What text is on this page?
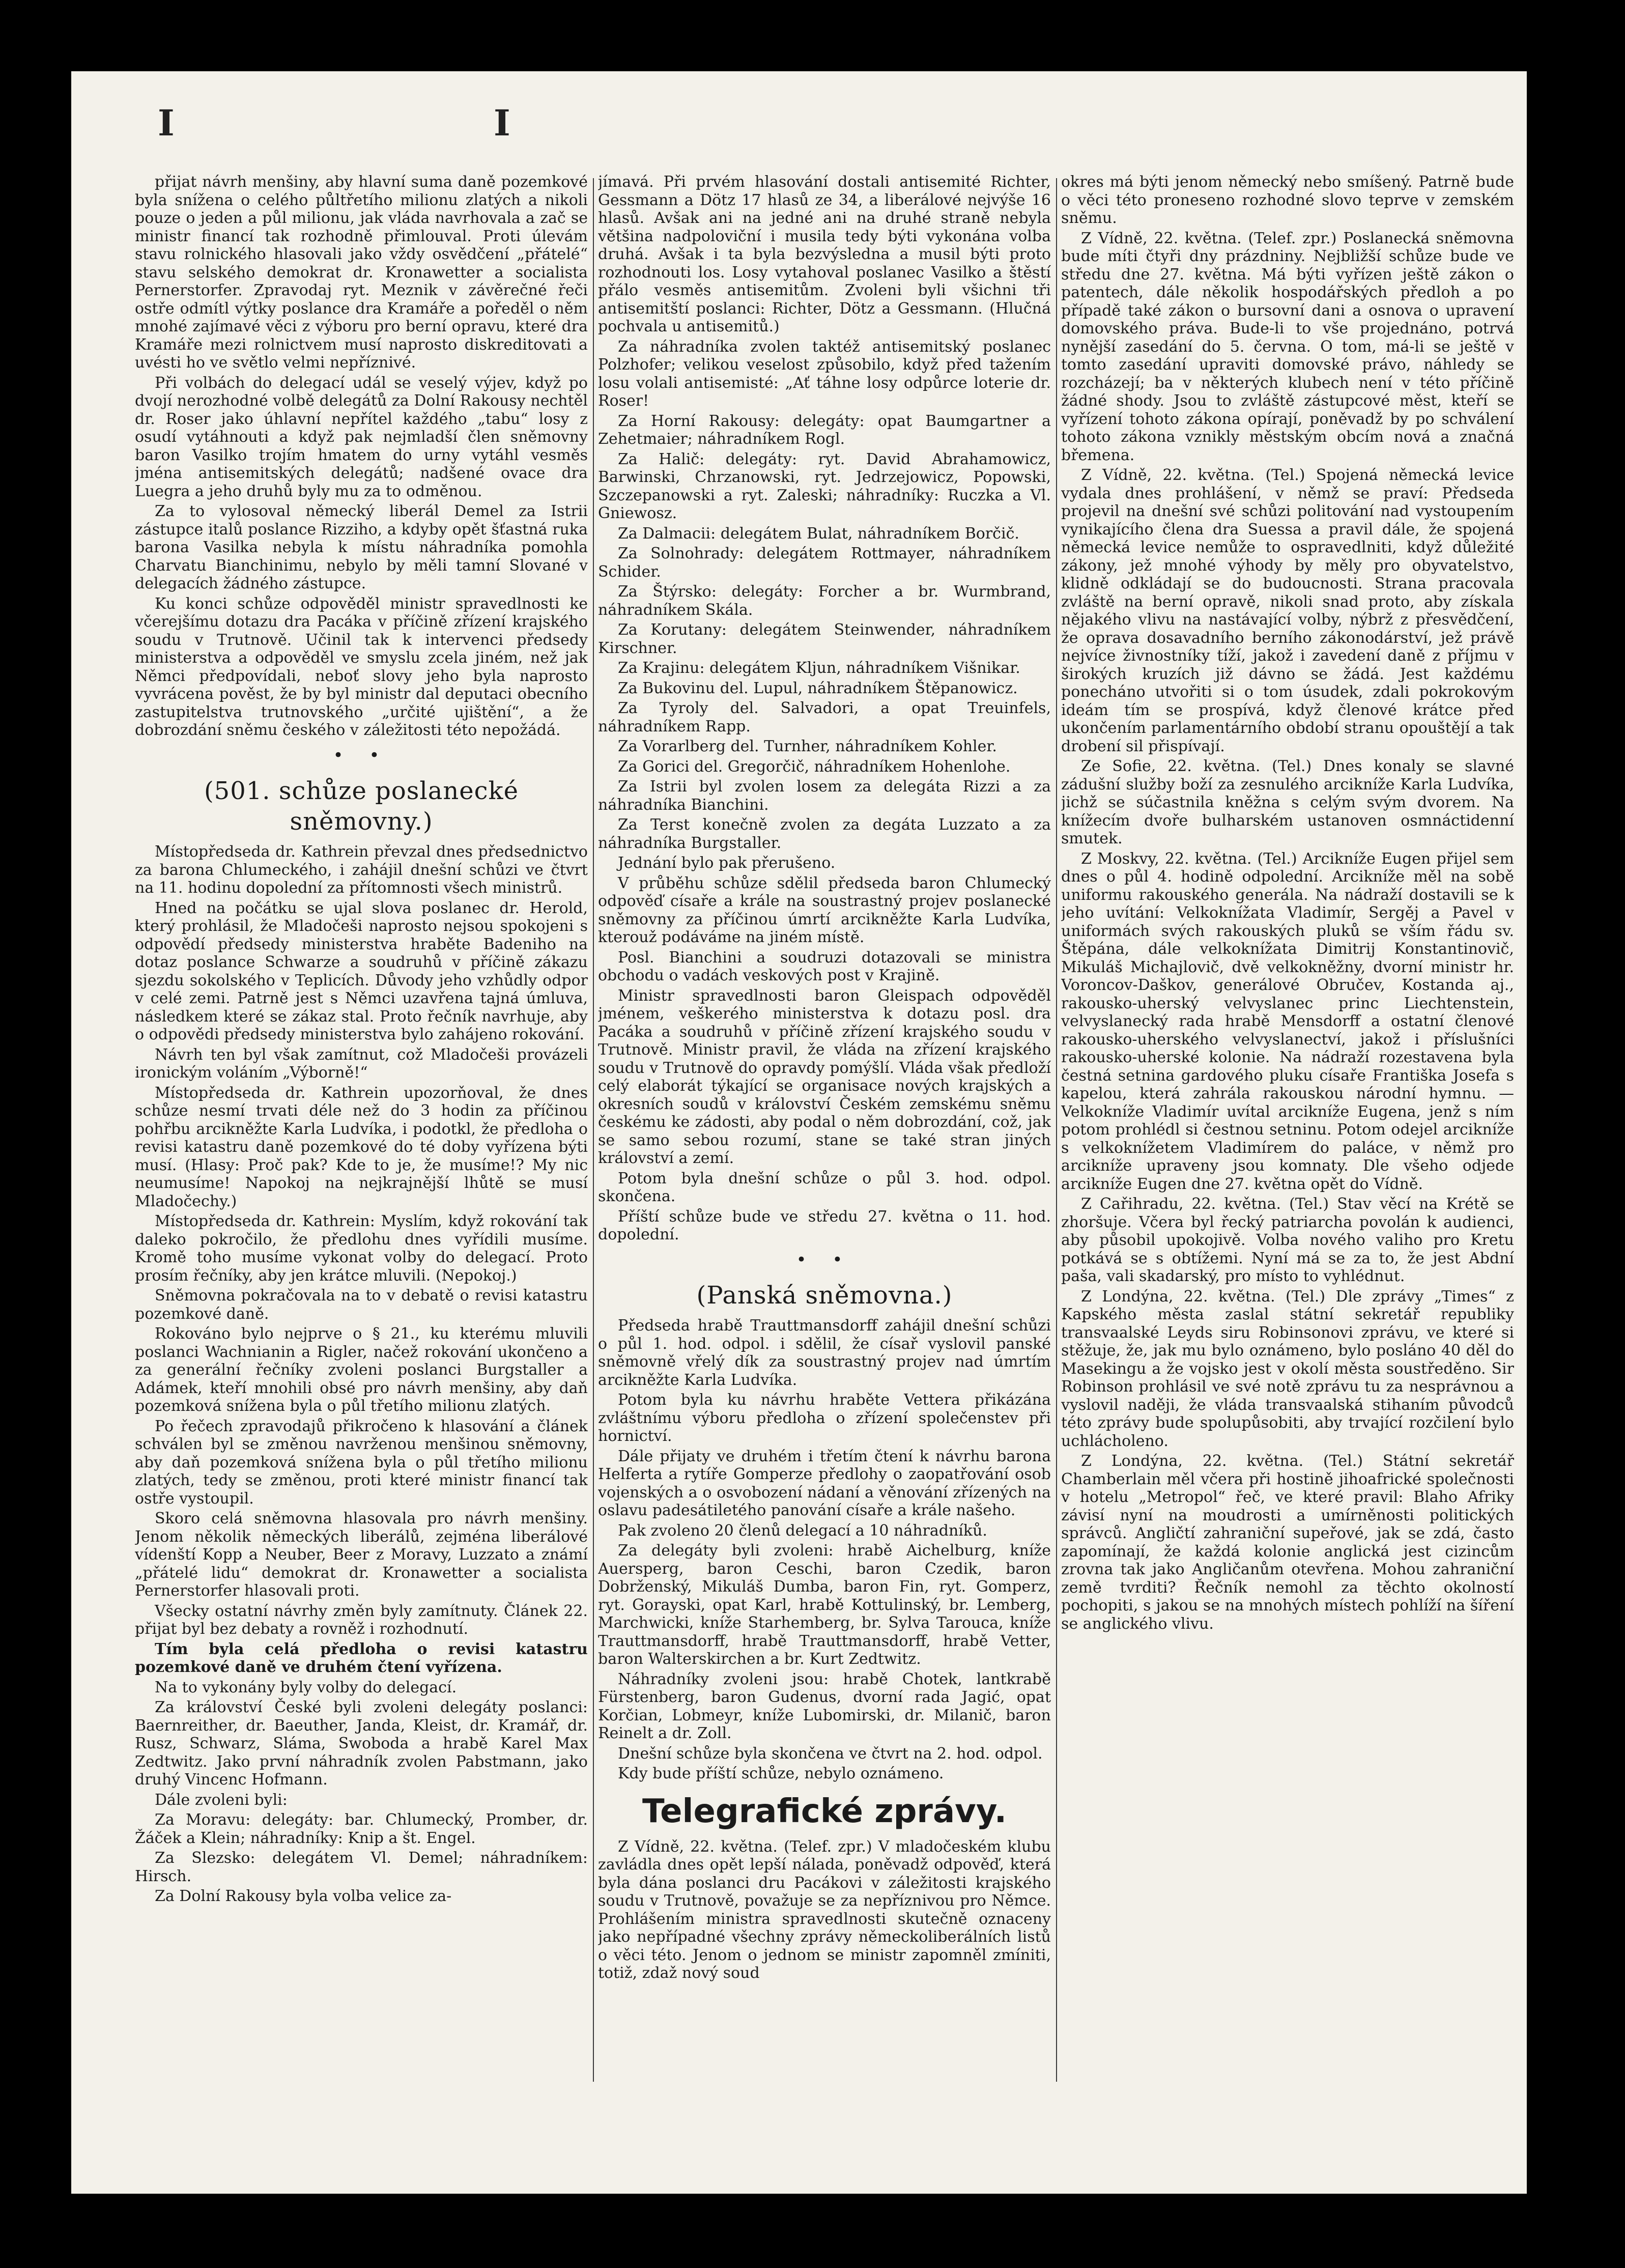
I	I

přijat návrh menšiny, aby hlavní suma daně pozemkové byla snížena o celého půltřetího milionu zlatých a nikoli pouze o jeden a půl milionu, jak vláda navrhovala a zač se ministr financí tak rozhodně přimlouval. Proti úlevám stavu rolnického hlasovali jako vždy osvědčení „přátelé“ stavu selského demokrat dr. Kronawetter a socialista Pernerstorfer. Zpravodaj ryt. Meznik v závěrečné řeči ostře odmítl výtky poslance dra Kramáře a poředěl o něm mnohé zajímavé věci z výboru pro berní opravu, které dra Kramáře mezi rolnictvem musí naprosto diskreditovati a uvésti ho ve světlo velmi nepříznivé.

Při volbách do delegací udál se veselý výjev, když po dvojí nerozhodné volbě delegátů za Dolní Rakousy nechtěl dr. Roser jako úhlavní nepřítel každého „tabu“ losy z osudí vytáhnouti a když pak nejmladší člen sněmovny baron Vasilko trojím hmatem do urny vytáhl vesměs jména antisemitských delegátů; nadšené ovace dra Luegra a jeho druhů byly mu za to odměnou.

Za to vylosoval německý liberál Demel za Istrii zástupce italů poslance Rizziho, a kdyby opět šťastná ruka barona Vasilka nebyla k místu náhradníka pomohla Charvatu Bianchinimu, nebylo by měli tamní Slované v delegacích žádného zástupce.

Ku konci schůze odpověděl ministr spravedlnosti ke včerejšímu dotazu dra Pacáka v příčině zřízení krajského soudu v Trutnově. Učinil tak k intervenci předsedy ministerstva a odpověděl ve smyslu zcela jiném, než jak Němci předpovídali, neboť slovy jeho byla naprosto vyvrácena pověst, že by byl ministr dal deputaci obecního zastupitelstva trutnovského „určité ujištění“, a že dobrozdání sněmu českého v záležitosti této nepožádá.

• •

(501. schůze poslanecké sněmovny.)

Místopředseda dr. Kathrein převzal dnes předsednictvo za barona Chlumeckého, i zahájil dnešní schůzi ve čtvrt na 11. hodinu dopolední za přítomnosti všech ministrů.

Hned na počátku se ujal slova poslanec dr. Herold, který prohlásil, že Mladočeši naprosto nejsou spokojeni s odpovědí předsedy ministerstva hraběte Badeniho na dotaz poslance Schwarze a soudruhů v příčině zákazu sjezdu sokolského v Teplicích. Důvody jeho vzhůdly odpor v celé zemi. Patrně jest s Němci uzavřena tajná úmluva, následkem které se zákaz stal. Proto řečník navrhuje, aby o odpovědi předsedy ministerstva bylo zahájeno rokování.

Návrh ten byl však zamítnut, což Mladočeši provázeli ironickým voláním „Výborně!“

Místopředseda dr. Kathrein upozorňoval, že dnes schůze nesmí trvati déle než do 3 hodin za příčinou pohřbu arcikněžte Karla Ludvíka, i podotkl, že předloha o revisi katastru daně pozemkové do té doby vyřízena býti musí. (Hlasy: Proč pak? Kde to je, že musíme!? My nic neumusíme! Napokoj na nejkrajnější lhůtě se musí Mladočechy.)

Místopředseda dr. Kathrein: Myslím, když rokování tak daleko pokročilo, že předlohu dnes vyřídili musíme. Kromě toho musíme vykonat volby do delegací. Proto prosím řečníky, aby jen krátce mluvili. (Nepokoj.)

Sněmovna pokračovala na to v debatě o revisi katastru pozemkové daně.

Rokováno bylo nejprve o § 21., ku kterému mluvili poslanci Wachnianin a Rigler, načež rokování ukončeno a za generální řečníky zvoleni poslanci Burgstaller a Adámek, kteří mnohili obsé pro návrh menšiny, aby daň pozemková snížena byla o půl třetího milionu zlatých.

Po řečech zpravodajů přikročeno k hlasování a článek schválen byl se změnou navrženou menšinou sněmovny, aby daň pozemková snížena byla o půl třetího milionu zlatých, tedy se změnou, proti které ministr financí tak ostře vystoupil.

Skoro celá sněmovna hlasovala pro návrh menšiny. Jenom několik německých liberálů, zejména liberálové vídenští Kopp a Neuber, Beer z Moravy, Luzzato a známí „přátelé lidu“ demokrat dr. Kronawetter a socialista Pernerstorfer hlasovali proti.

Všecky ostatní návrhy změn byly zamítnuty. Článek 22. přijat byl bez debaty a rovněž i rozhodnutí.

Tím byla celá předloha o revisi katastru pozemkové daně ve druhém čtení vyřízena.

Na to vykonány byly volby do delegací.

Za království České byli zvoleni delegáty poslanci: Baernreither, dr. Baeuther, Janda, Kleist, dr. Kramář, dr. Rusz, Schwarz, Sláma, Swoboda a hrabě Karel Max Zedtwitz. Jako první náhradník zvolen Pabstmann, jako druhý Vincenc Hofmann.

Dále zvoleni byli:

Za Moravu: delegáty: bar. Chlumecký, Promber, dr. Žáček a Klein; náhradníky: Knip a št. Engel.

Za Slezsko: delegátem Vl. Demel; náhradníkem: Hirsch.

Za Dolní Rakousy byla volba velice za-

jímavá. Při prvém hlasování dostali antisemité Richter, Gessmann a Dötz 17 hlasů ze 34, a liberálové nejvýše 16 hlasů. Avšak ani na jedné ani na druhé straně nebyla většina nadpoloviční i musila tedy býti vykonána volba druhá. Avšak i ta byla bezvýsledna a musil býti proto rozhodnouti los. Losy vytahoval poslanec Vasilko a štěstí přálo vesměs antisemitům. Zvoleni byli všichni tři antisemitští poslanci: Richter, Dötz a Gessmann. (Hlučná pochvala u antisemitů.)

Za náhradníka zvolen taktéž antisemitský poslanec Polzhofer; velikou veselost způsobilo, když před tažením losu volali antisemisté: „Ať táhne losy odpůrce loterie dr. Roser!

Za Horní Rakousy: delegáty: opat Baumgartner a Zehetmaier; náhradníkem Rogl.

Za Halič: delegáty: ryt. David Abrahamowicz, Barwinski, Chrzanowski, ryt. Jedrzejowicz, Popowski, Szczepanowski a ryt. Zaleski; náhradníky: Ruczka a Vl. Gniewosz.

Za Dalmacii: delegátem Bulat, náhradníkem Borčič.

Za Solnohrady: delegátem Rottmayer, náhradníkem Schider.

Za Štýrsko: delegáty: Forcher a br. Wurmbrand, náhradníkem Skála.

Za Korutany: delegátem Steinwender, náhradníkem Kirschner.

Za Krajinu: delegátem Kljun, náhradníkem Višnikar.

Za Bukovinu del. Lupul, náhradníkem Štěpanowicz.

Za Tyroly del. Salvadori, a opat Treuinfels, náhradníkem Rapp.

Za Vorarlberg del. Turnher, náhradníkem Kohler.

Za Gorici del. Gregorčič, náhradníkem Hohenlohe.

Za Istrii byl zvolen losem za delegáta Rizzi a za náhradníka Bianchini.

Za Terst konečně zvolen za degáta Luzzato a za náhradníka Burgstaller.

Jednání bylo pak přerušeno.

V průběhu schůze sdělil předseda baron Chlumecký odpověď císaře a krále na soustrastný projev poslanecké sněmovny za příčinou úmrtí arcikněžte Karla Ludvíka, kterouž podáváme na jiném místě.

Posl. Bianchini a soudruzi dotazovali se ministra obchodu o vadách veskových post v Krajině.

Ministr spravedlnosti baron Gleispach odpověděl jménem, veškerého ministerstva k dotazu posl. dra Pacáka a soudruhů v příčině zřízení krajského soudu v Trutnově. Ministr pravil, že vláda na zřízení krajského soudu v Trutnově do opravdy pomýšlí. Vláda však předloží celý elaborát týkající se organisace nových krajských a okresních soudů v království Českém zemskému sněmu českému ke zádosti, aby podal o něm dobrozdání, což, jak se samo sebou rozumí, stane se také stran jiných království a zemí.

Potom byla dnešní schůze o půl 3. hod. odpol. skončena.

Příští schůze bude ve středu 27. května o 11. hod. dopolední.

• •

(Panská sněmovna.)

Předseda hrabě Trauttmansdorff zahájil dnešní schůzi o půl 1. hod. odpol. i sdělil, že císař vyslovil panské sněmovně vřelý dík za soustrastný projev nad úmrtím arcikněžte Karla Ludvíka.

Potom byla ku návrhu hraběte Vettera přikázána zvláštnímu výboru předloha o zřízení společenstev při hornictví.

Dále přijaty ve druhém i třetím čtení k návrhu barona Helferta a rytíře Gomperze předlohy o zaopatřování osob vojenských a o osvobození nádaní a věnování zřízených na oslavu padesátiletého panování císaře a krále našeho.

Pak zvoleno 20 členů delegací a 10 náhradníků.

Za delegáty byli zvoleni: hrabě Aichelburg, kníže Auersperg, baron Ceschi, baron Czedik, baron Dobrženský, Mikuláš Dumba, baron Fin, ryt. Gomperz, ryt. Gorayski, opat Karl, hrabě Kottulinský, br. Lemberg, Marchwicki, kníže Starhemberg, br. Sylva Tarouca, kníže Trauttmansdorff, hrabě Trauttmansdorff, hrabě Vetter, baron Walterskirchen a br. Kurt Zedtwitz.

Náhradníky zvoleni jsou: hrabě Chotek, lantkrabě Fürstenberg, baron Gudenus, dvorní rada Jagić, opat Korčian, Lobmeyr, kníže Lubomirski, dr. Milanič, baron Reinelt a dr. Zoll.

Dnešní schůze byla skončena ve čtvrt na 2. hod. odpol.

Kdy bude příští schůze, nebylo oznámeno.

Telegrafické zprávy.

Z Vídně, 22. května. (Telef. zpr.) V mladočeském klubu zavládla dnes opět lepší nálada, poněvadž odpověď, která byla dána poslanci dru Pacákovi v záležitosti krajského soudu v Trutnově, považuje se za nepříznivou pro Němce. Prohlášením ministra spravedlnosti skutečně oznaceny jako nepřípadné všechny zprávy německoliberálních listů o věci této. Jenom o jednom se ministr zapomněl zmíniti, totiž, zdaž nový soud

okres má býti jenom německý nebo smíšený. Patrně bude o věci této proneseno rozhodné slovo teprve v zemském sněmu.

Z Vídně, 22. května. (Telef. zpr.) Poslanecká sněmovna bude míti čtyři dny prázdniny. Nejbližší schůze bude ve středu dne 27. května. Má býti vyřízen ještě zákon o patentech, dále několik hospodářských předloh a po případě také zákon o bursovní dani a osnova o upravení domovského práva. Bude-li to vše projednáno, potrvá nynější zasedání do 5. června. O tom, má-li se ještě v tomto zasedání upraviti domovské právo, náhledy se rozcházejí; ba v některých klubech není v této příčině žádné shody. Jsou to zvláště zástupcové měst, kteří se vyřízení tohoto zákona opírají, poněvadž by po schválení tohoto zákona vznikly městským obcím nová a značná břemena.

Z Vídně, 22. května. (Tel.) Spojená německá levice vydala dnes prohlášení, v němž se praví: Předseda projevil na dnešní své schůzi politování nad vystoupením vynikajícího člena dra Suessa a pravil dále, že spojená německá levice nemůže to ospravedlniti, když důležité zákony, jež mnohé výhody by měly pro obyvatelstvo, klidně odkládají se do budoucnosti. Strana pracovala zvláště na berní opravě, nikoli snad proto, aby získala nějakého vlivu na nastávající volby, nýbrž z přesvědčení, že oprava dosavadního berního zákonodárství, jež právě nejvíce živnostníky tíží, jakož i zavedení daně z příjmu v širokých kruzích již dávno se žádá. Jest každému ponecháno utvořiti si o tom úsudek, zdali pokrokovým ideám tím se prospívá, když členové krátce před ukončením parlamentárního období stranu opouštějí a tak drobení sil přispívají.

Ze Sofie, 22. května. (Tel.) Dnes konaly se slavné zádušní služby boží za zesnulého arcikníže Karla Ludvíka, jichž se súčastnila kněžna s celým svým dvorem. Na knížecím dvoře bulharském ustanoven osmnáctidenní smutek.

Z Moskvy, 22. května. (Tel.) Arcikníže Eugen přijel sem dnes o půl 4. hodině odpolední. Arcikníže měl na sobě uniformu rakouského generála. Na nádraží dostavili se k jeho uvítání: Velkoknížata Vladimír, Sergěj a Pavel v uniformách svých rakouských pluků se vším řádu sv. Štěpána, dále velkoknížata Dimitrij Konstantinovič, Mikuláš Michajlovič, dvě velkokněžny, dvorní ministr hr. Voroncov-Daškov, generálové Obručev, Kostanda aj., rakousko-uherský velvyslanec princ Liechtenstein, velvyslanecký rada hrabě Mensdorff a ostatní členové rakousko-uherského velvyslanectví, jakož i příslušníci rakousko-uherské kolonie. Na nádraží rozestavena byla čestná setnina gardového pluku císaře Františka Josefa s kapelou, která zahrála rakouskou národní hymnu. — Velkokníže Vladimír uvítal arcikníže Eugena, jenž s ním potom prohlédl si čestnou setninu. Potom odejel arcikníže s velkoknížetem Vladimírem do paláce, v němž pro arcikníže upraveny jsou komnaty. Dle všeho odjede arcikníže Eugen dne 27. května opět do Vídně.

Z Cařihradu, 22. května. (Tel.) Stav věcí na Krétě se zhoršuje. Včera byl řecký patriarcha povolán k audienci, aby působil upokojivě. Volba nového valiho pro Kretu potkává se s obtížemi. Nyní má se za to, že jest Abdní paša, vali skadarský, pro místo to vyhlédnut.

Z Londýna, 22. května. (Tel.) Dle zprávy „Times“ z Kapského města zaslal státní sekretář republiky transvaalské Leyds siru Robinsonovi zprávu, ve které si stěžuje, že, jak mu bylo oznámeno, bylo posláno 40 děl do Masekingu a že vojsko jest v okolí města soustředěno. Sir Robinson prohlásil ve své notě zprávu tu za nesprávnou a vyslovil naději, že vláda transvaalská stihaním původců této zprávy bude spolupůsobiti, aby trvající rozčilení bylo uchlácholeno.

Z Londýna, 22. května. (Tel.) Státní sekretář Chamberlain měl včera při hostině jihoafrické společnosti v hotelu „Metropol“ řeč, ve které pravil: Blaho Afriky závisí nyní na moudrosti a umírněnosti politických správců. Angličtí zahraniční supeřové, jak se zdá, často zapomínají, že každá kolonie anglická jest cizincům zrovna tak jako Angličanům otevřena. Mohou zahraniční země tvrditi? Řečník nemohl za těchto okolností pochopiti, s jakou se na mnohých místech pohlíží na šíření se anglického vlivu.
